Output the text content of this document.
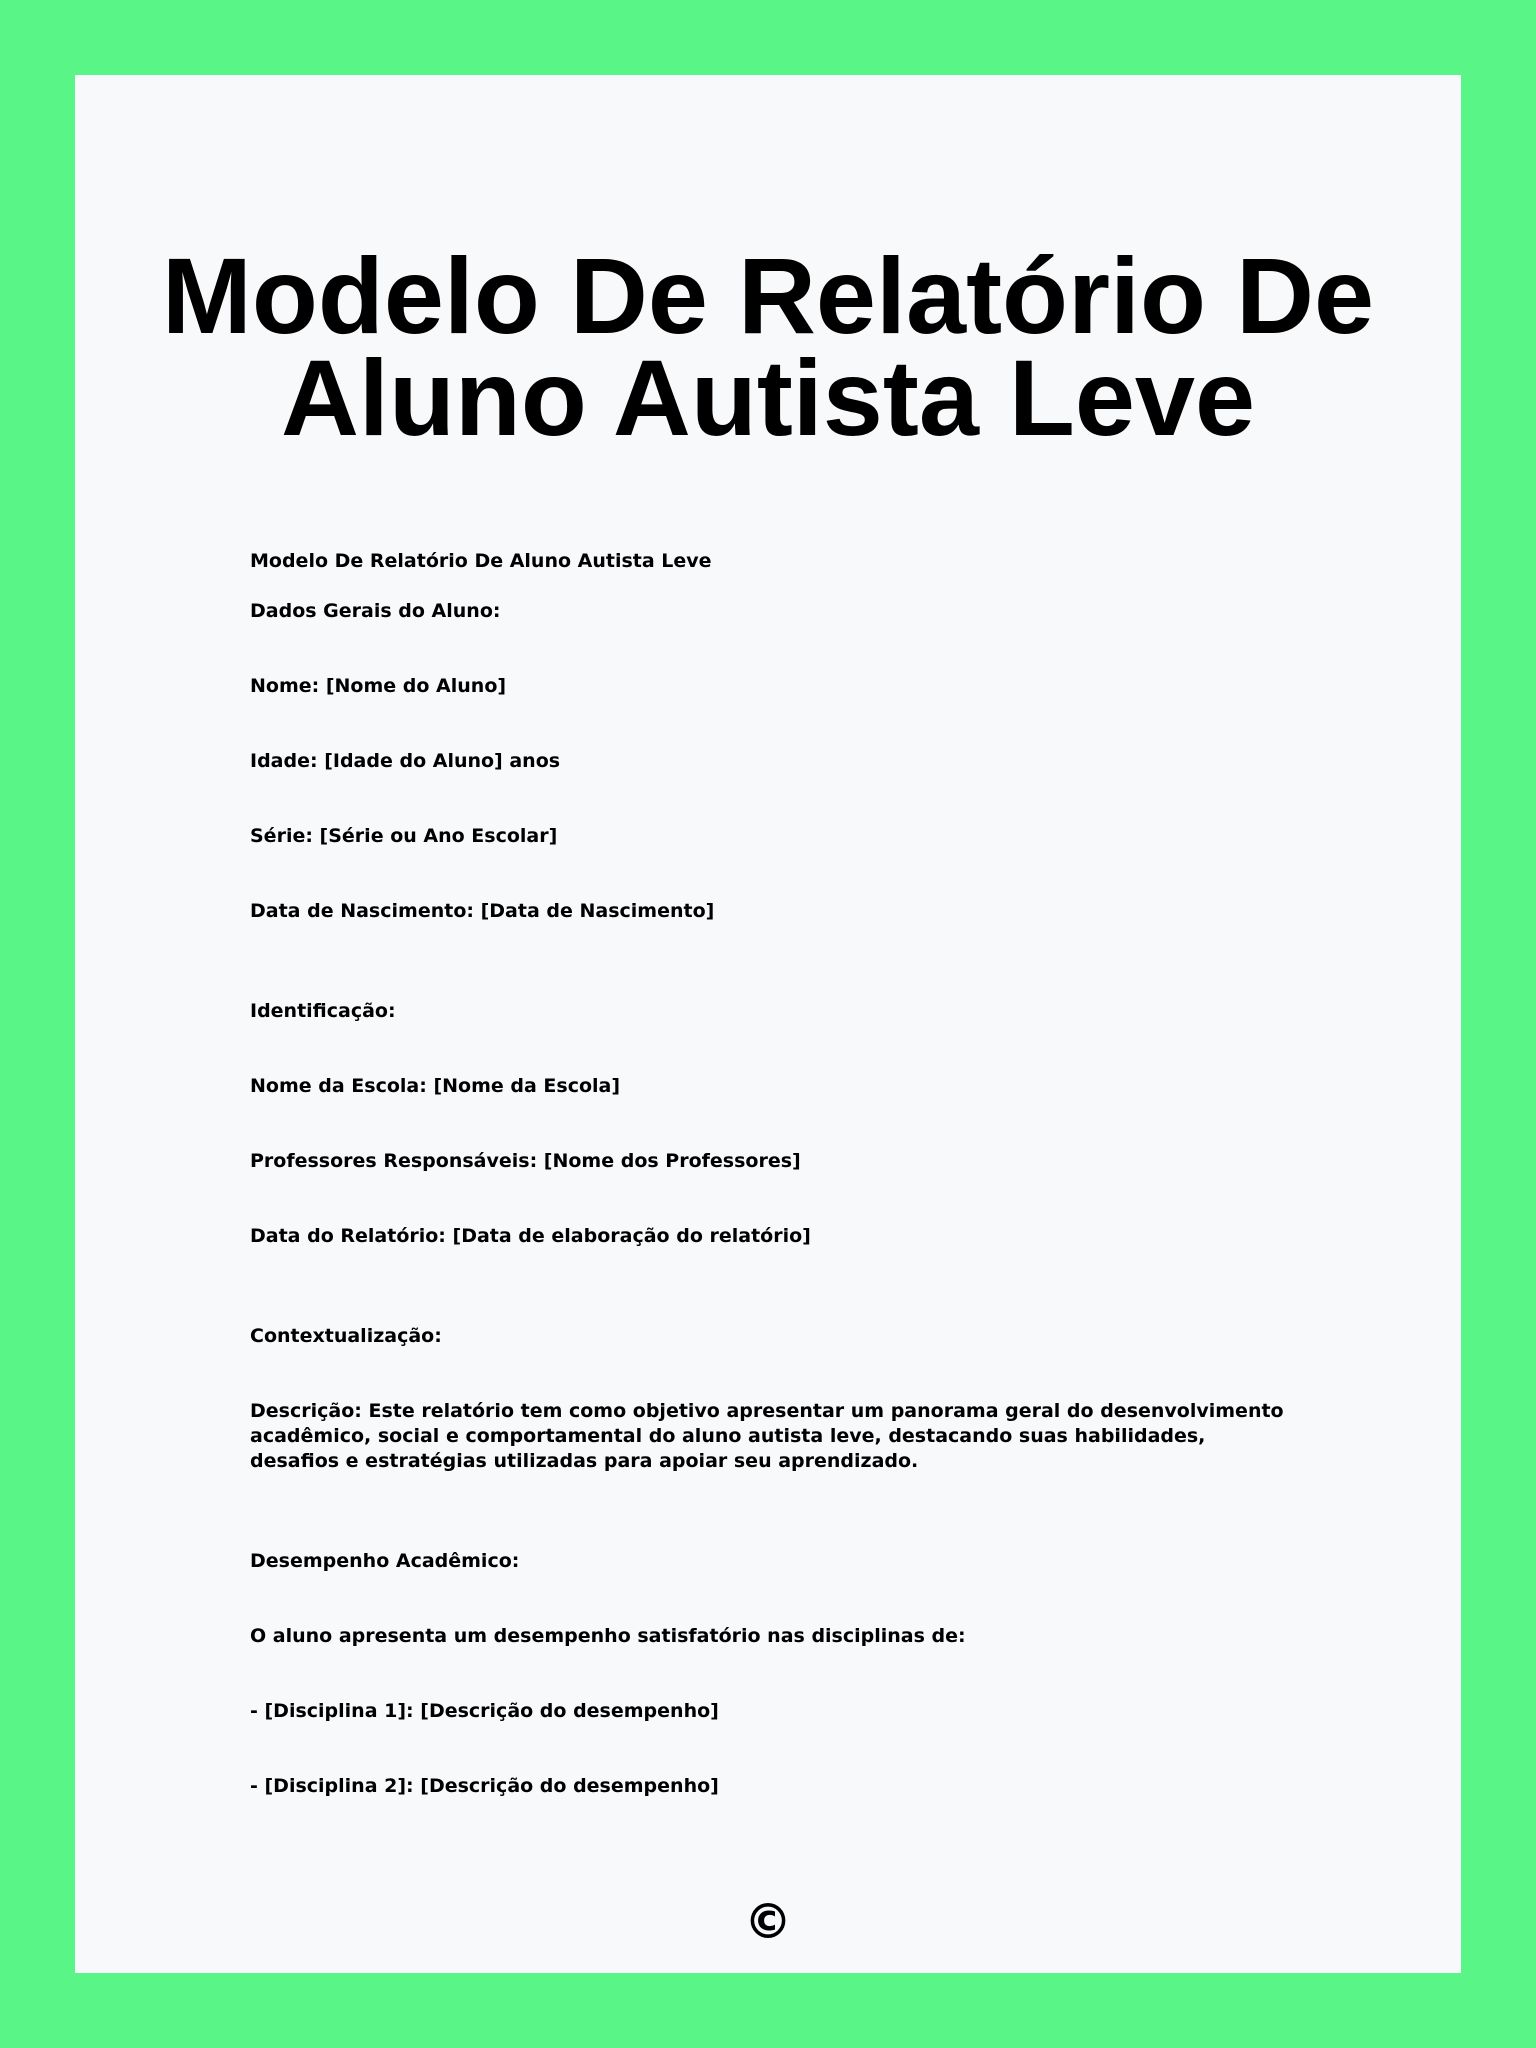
Modelo De Relatório De
Aluno Autista Leve

Modelo De Relatório De Aluno Autista Leve

Dados Gerais do Aluno:

Nome: [Nome do Aluno]

Idade: [Idade do Aluno] anos

Série: [Série ou Ano Escolar]

Data de Nascimento: [Data de Nascimento]

Identificação:

Nome da Escola: [Nome da Escola]

Professores Responsáveis: [Nome dos Professores]

Data do Relatório: [Data de elaboração do relatório]

Contextualização:

Descrição: Este relatório tem como objetivo apresentar um panorama geral do desenvolvimento acadêmico, social e comportamental do aluno autista leve, destacando suas habilidades, desafios e estratégias utilizadas para apoiar seu aprendizado.

Desempenho Acadêmico:

O aluno apresenta um desempenho satisfatório nas disciplinas de:

- [Disciplina 1]: [Descrição do desempenho]

- [Disciplina 2]: [Descrição do desempenho]

©
